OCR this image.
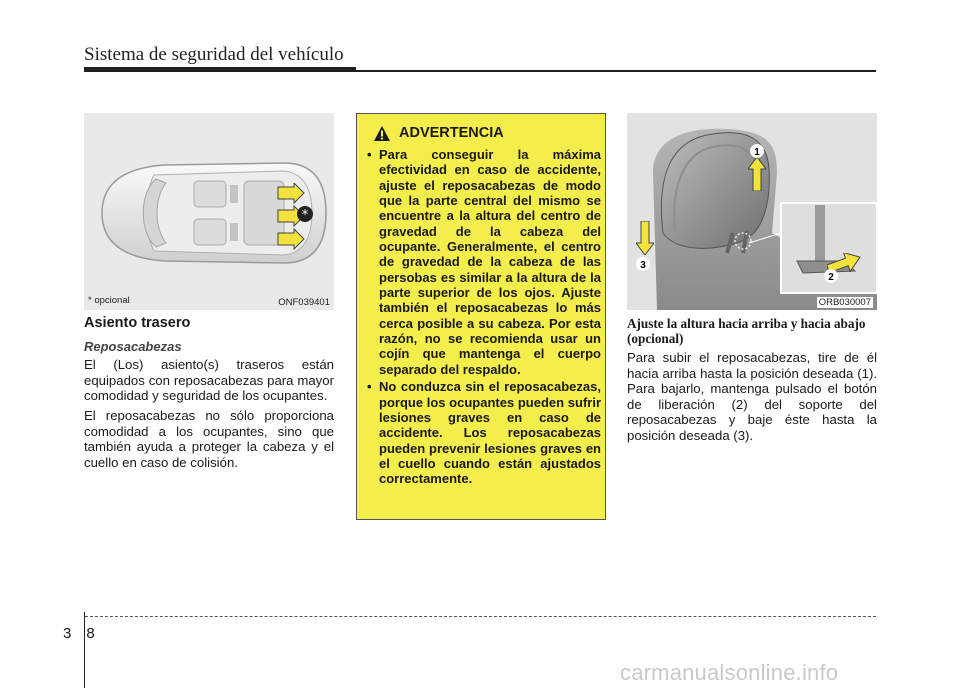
Sistema de seguridad del vehículo
*
* opcional	ONF039401

Asiento trasero

Reposacabezas

El (Los) asiento(s) traseros están equipados con reposacabezas para mayor comodidad y seguridad de los ocupantes.

El reposacabezas no sólo proporciona comodidad a los ocupantes, sino que también ayuda a proteger la cabeza y el cuello en caso de colisión.

ADVERTENCIA
• Para conseguir la máxima efectividad en caso de accidente, ajuste el reposacabezas de modo que la parte central del mismo se encuentre a la altura del centro de gravedad de la cabeza del ocupante. Generalmente, el centro de gravedad de la cabeza de las persobas es similar a la altura de la parte superior de los ojos. Ajuste también el reposacabezas lo más cerca posible a su cabeza. Por esta razón, no se recomienda usar un cojín que mantenga el cuerpo separado del respaldo.
• No conduzca sin el reposacabezas, porque los ocupantes pueden sufrir lesiones graves en caso de accidente. Los reposacabezas pueden prevenir lesiones graves en el cuello cuando están ajustados correctamente.
1
2
3
ORB030007

Ajuste la altura hacia arriba y hacia abajo (opcional)

Para subir el reposacabezas, tire de él hacia arriba hasta la posición deseada (1). Para bajarlo, mantenga pulsado el botón de liberación (2) del soporte del reposacabezas y baje éste hasta la posición deseada (3).

3 8
carmanualsonline.info
